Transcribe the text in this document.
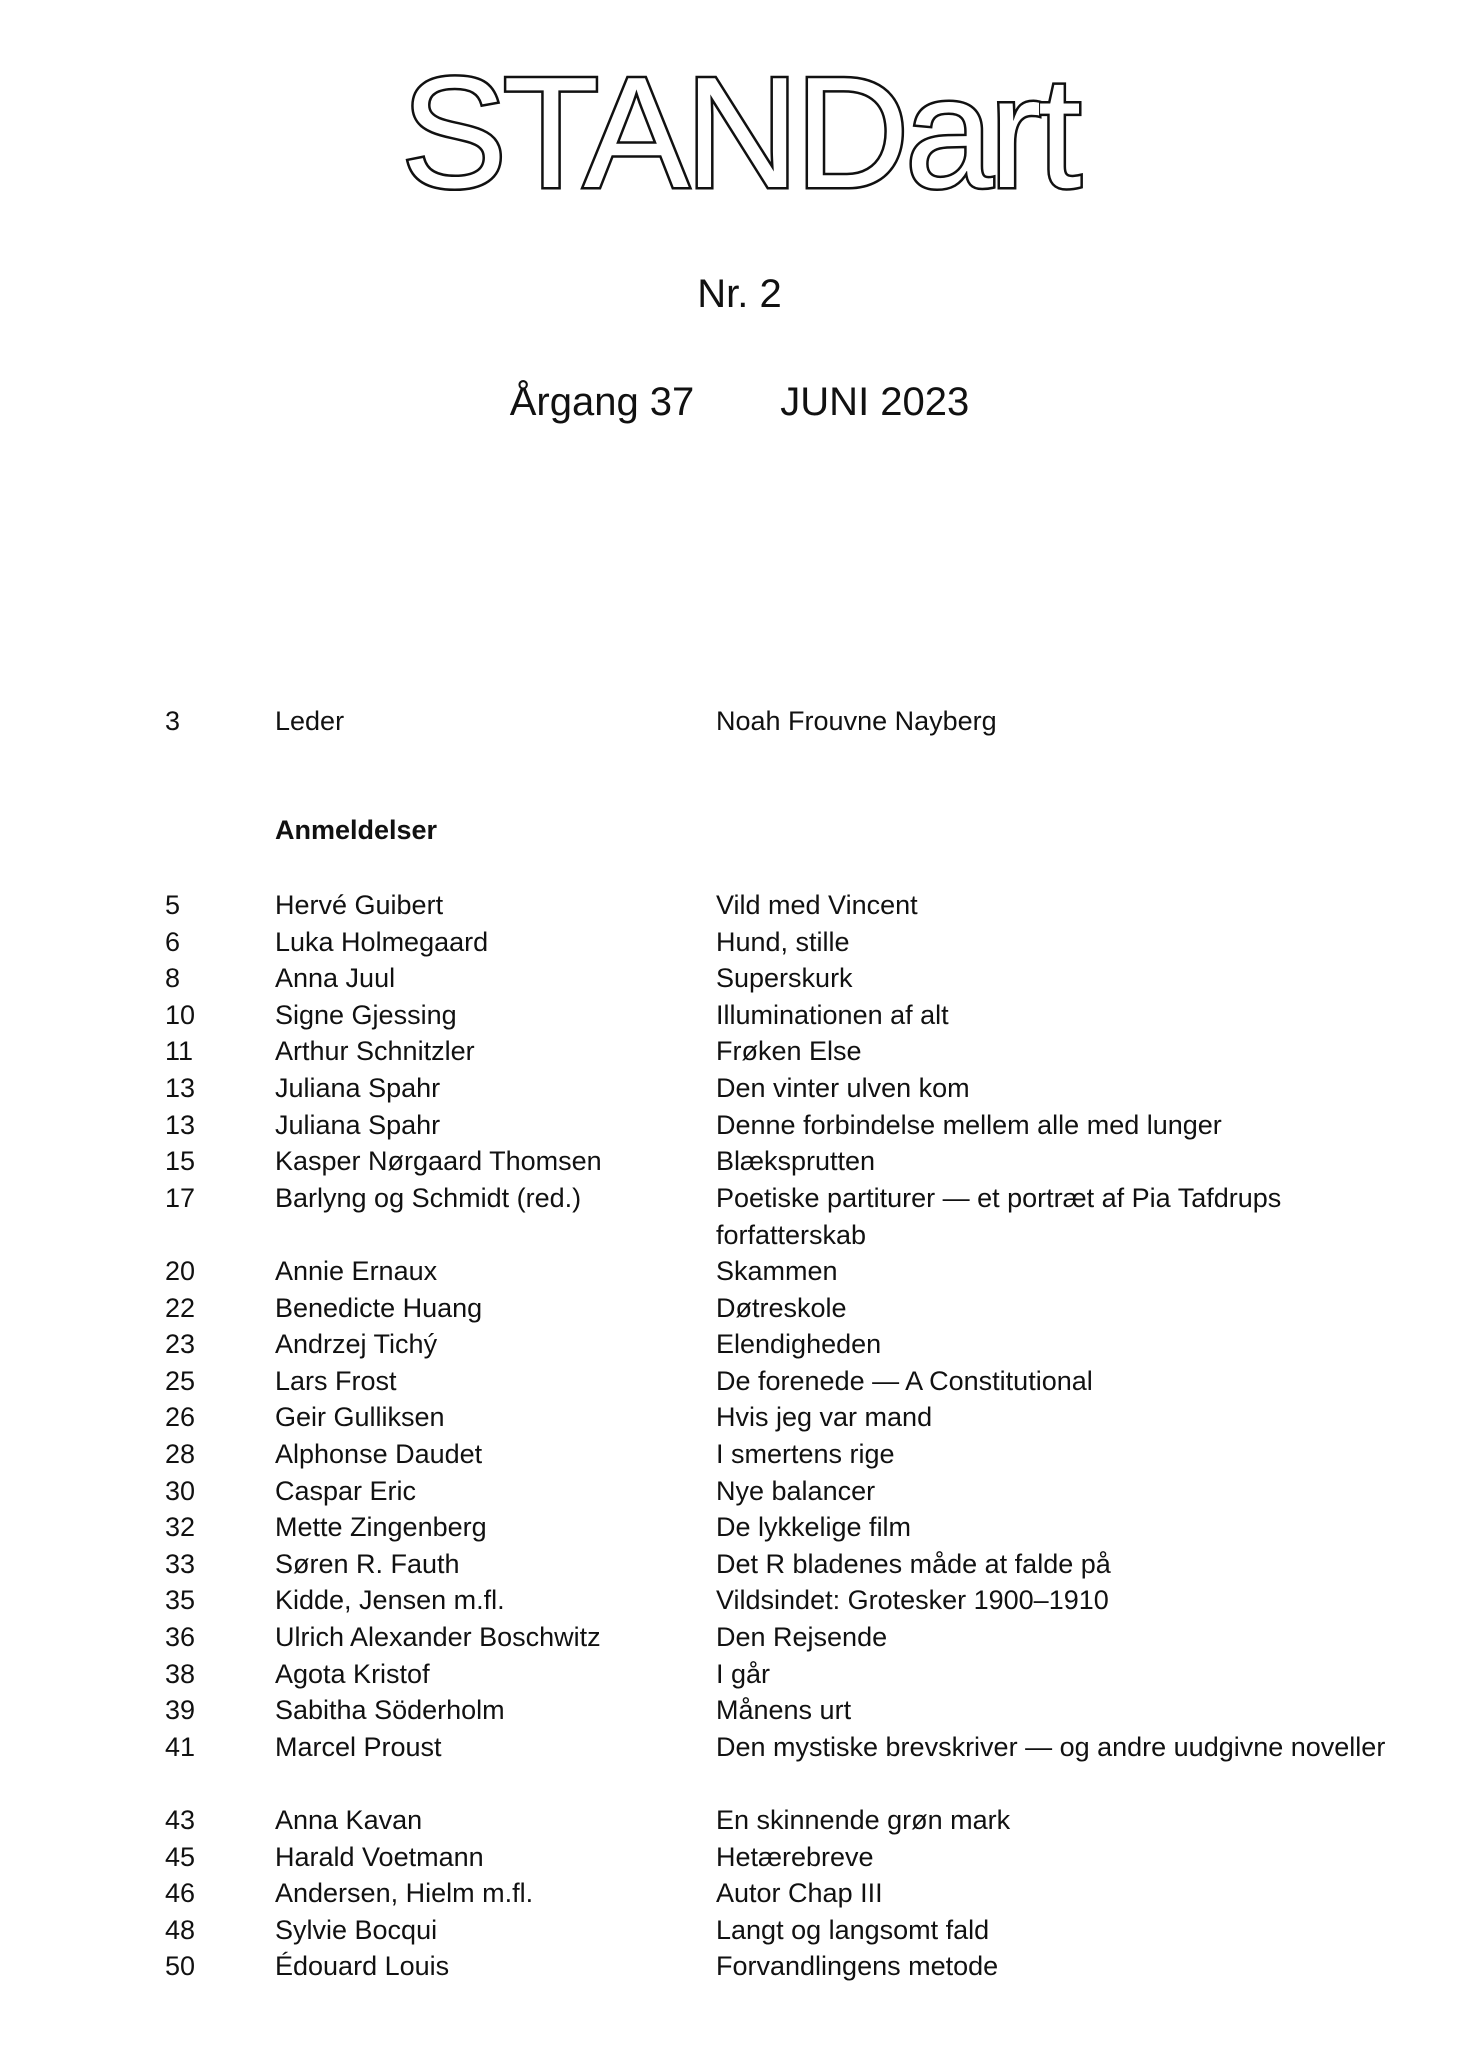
STANDart
Nr. 2
Årgang 37 JUNI 2023
3	Leder	Noah Frouvne Nayberg
Anmeldelser
5	Hervé Guibert	Vild med Vincent
6	Luka Holmegaard	Hund, stille
8	Anna Juul	Superskurk
10	Signe Gjessing	Illuminationen af alt
11	Arthur Schnitzler	Frøken Else
13	Juliana Spahr	Den vinter ulven kom
13	Juliana Spahr	Denne forbindelse mellem alle med lunger
15	Kasper Nørgaard Thomsen	Blæksprutten
17	Barlyng og Schmidt (red.)	Poetiske partiturer — et portræt af Pia Tafdrups forfatterskab
20	Annie Ernaux	Skammen
22	Benedicte Huang	Døtreskole
23	Andrzej Tichý	Elendigheden
25	Lars Frost	De forenede — A Constitutional
26	Geir Gulliksen	Hvis jeg var mand
28	Alphonse Daudet	I smertens rige
30	Caspar Eric	Nye balancer
32	Mette Zingenberg	De lykkelige film
33	Søren R. Fauth	Det R bladenes måde at falde på
35	Kidde, Jensen m.fl.	Vildsindet: Grotesker 1900–1910
36	Ulrich Alexander Boschwitz	Den Rejsende
38	Agota Kristof	I går
39	Sabitha Söderholm	Månens urt
41	Marcel Proust	Den mystiske brevskriver — og andre uudgivne noveller
43	Anna Kavan	En skinnende grøn mark
45	Harald Voetmann	Hetærebreve
46	Andersen, Hielm m.fl.	Autor Chap III
48	Sylvie Bocqui	Langt og langsomt fald
50	Édouard Louis	Forvandlingens metode
